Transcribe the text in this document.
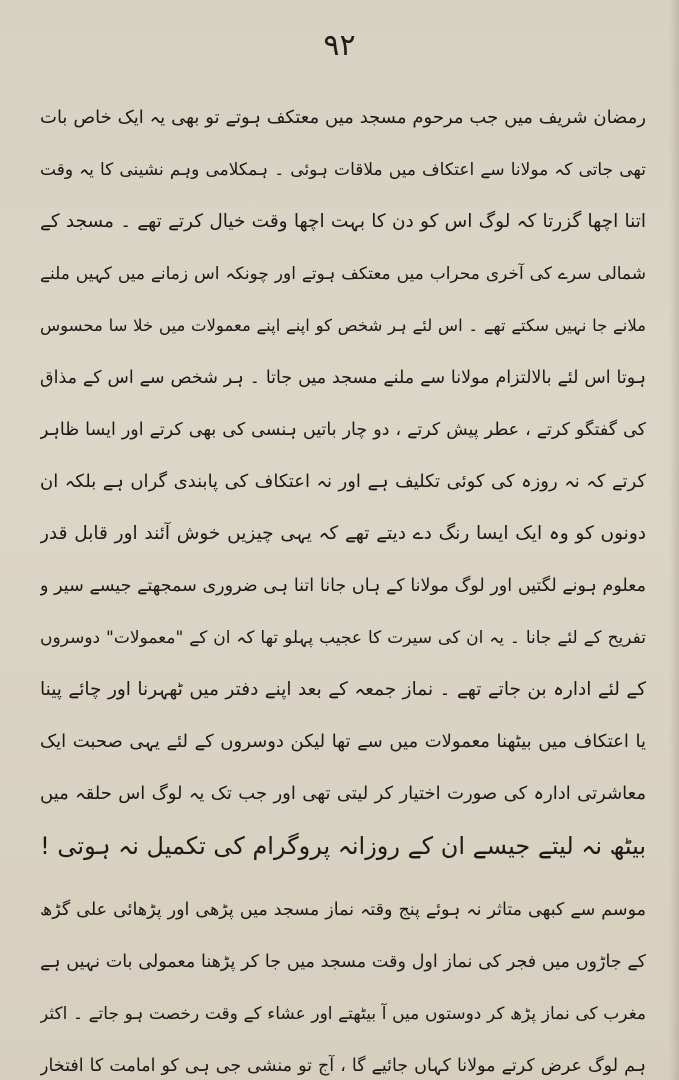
۹۲
رمضان شریف میں جب مرحوم مسجد میں معتکف ہوتے تو بھی یہ ایک خاص بات
تھی جاتی کہ مولانا سے اعتکاف میں ملاقات ہوئی ۔ ہمکلامی وہم نشینی کا یہ وقت
اتنا اچھا گزرتا کہ لوگ اس کو دن کا بہت اچھا وقت خیال کرتے تھے ۔ مسجد کے
شمالی سرے کی آخری محراب میں معتکف ہوتے اور چونکہ اس زمانے میں کہیں ملنے
ملانے جا نہیں سکتے تھے ۔ اس لئے ہر شخص کو اپنے اپنے معمولات میں خلا سا محسوس
ہوتا اس لئے بالالتزام مولانا سے ملنے مسجد میں جاتا ۔ ہر شخص سے اس کے مذاق
کی گفتگو کرتے ، عطر پیش کرتے ، دو چار باتیں ہنسی کی بھی کرتے اور ایسا ظاہر
کرتے کہ نہ روزہ کی کوئی تکلیف ہے اور نہ اعتکاف کی پابندی گراں ہے بلکہ ان
دونوں کو وہ ایک ایسا رنگ دے دیتے تھے کہ یہی چیزیں خوش آئند اور قابل قدر
معلوم ہونے لگتیں اور لوگ مولانا کے ہاں جانا اتنا ہی ضروری سمجھتے جیسے سیر و
تفریح کے لئے جانا ۔ یہ ان کی سیرت کا عجیب پہلو تھا کہ ان کے "معمولات" دوسروں
کے لئے ادارہ بن جاتے تھے ۔ نماز جمعہ کے بعد اپنے دفتر میں ٹھہرنا اور چائے پینا
یا اعتکاف میں بیٹھنا معمولات میں سے تھا لیکن دوسروں کے لئے یہی صحبت ایک
معاشرتی ادارہ کی صورت اختیار کر لیتی تھی اور جب تک یہ لوگ اس حلقہ میں
بیٹھ نہ لیتے جیسے ان کے روزانہ پروگرام کی تکمیل نہ ہوتی !
موسم سے کبھی متاثر نہ ہوئے پنج وقتہ نماز مسجد میں پڑھی اور پڑھائی علی گڑھ
کے جاڑوں میں فجر کی نماز اول وقت مسجد میں جا کر پڑھنا معمولی بات نہیں ہے
مغرب کی نماز پڑھ کر دوستوں میں آ بیٹھتے اور عشاء کے وقت رخصت ہو جاتے ۔ اکثر
ہم لوگ عرض کرتے مولانا کہاں جائیے گا ، آج تو منشی جی ہی کو امامت کا افتخار
